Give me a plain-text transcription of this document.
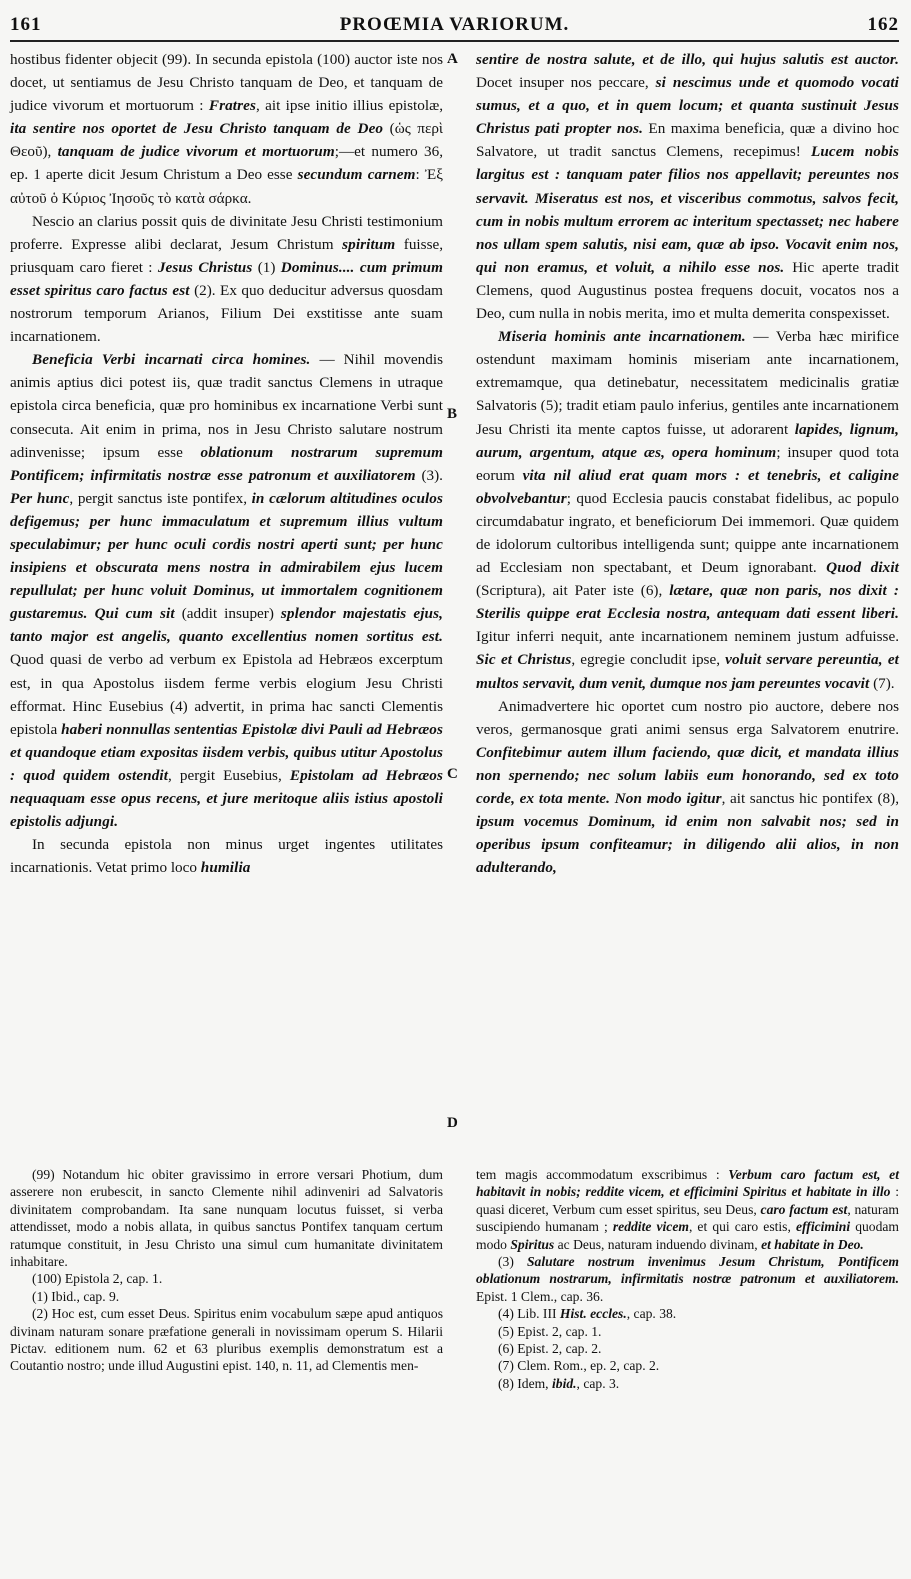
161	PROŒMIA VARIORUM.	162
A
B
C
D

hostibus fidenter objecit (99). In secunda epistola (100) auctor iste nos docet, ut sentiamus de Jesu Christo tanquam de Deo, et tanquam de judice vivorum et mortuorum : Fratres, ait ipse initio illius epistolæ, ita sentire nos oportet de Jesu Christo tanquam de Deo (ὡς περὶ Θεοῦ), tanquam de judice vivorum et mortuorum;—et numero 36, ep. 1 aperte dicit Jesum Christum a Deo esse secundum carnem: Ἐξ αὐτοῦ ὁ Κύριος Ἰησοῦς τὸ κατὰ σάρκα.

Nescio an clarius possit quis de divinitate Jesu Christi testimonium proferre. Expresse alibi declarat, Jesum Christum spiritum fuisse, priusquam caro fieret : Jesus Christus (1) Dominus.... cum primum esset spiritus caro factus est (2). Ex quo deducitur adversus quosdam nostrorum temporum Arianos, Filium Dei exstitisse ante suam incarnationem.

Beneficia Verbi incarnati circa homines. — Nihil movendis animis aptius dici potest iis, quæ tradit sanctus Clemens in utraque epistola circa beneficia, quæ pro hominibus ex incarnatione Verbi sunt consecuta. Ait enim in prima, nos in Jesu Christo salutare nostrum adinvenisse; ipsum esse oblationum nostrarum supremum Pontificem; infirmitatis nostræ esse patronum et auxiliatorem (3). Per hunc, pergit sanctus iste pontifex, in cælorum altitudines oculos defigemus; per hunc immaculatum et supremum illius vultum speculabimur; per hunc oculi cordis nostri aperti sunt; per hunc insipiens et obscurata mens nostra in admirabilem ejus lucem repullulat; per hunc voluit Dominus, ut immortalem cognitionem gustaremus. Qui cum sit (addit insuper) splendor majestatis ejus, tanto major est angelis, quanto excellentius nomen sortitus est. Quod quasi de verbo ad verbum ex Epistola ad Hebræos excerptum est, in qua Apostolus iisdem ferme verbis elogium Jesu Christi efformat. Hinc Eusebius (4) advertit, in prima hac sancti Clementis epistola haberi nonnullas sententias Epistolæ divi Pauli ad Hebræos et quandoque etiam expositas iisdem verbis, quibus utitur Apostolus : quod quidem ostendit, pergit Eusebius, Epistolam ad Hebræos nequaquam esse opus recens, et jure meritoque aliis istius apostoli epistolis adjungi.

In secunda epistola non minus urget ingentes utilitates incarnationis. Vetat primo loco humilia

sentire de nostra salute, et de illo, qui hujus salutis est auctor. Docet insuper nos peccare, si nescimus unde et quomodo vocati sumus, et a quo, et in quem locum; et quanta sustinuit Jesus Christus pati propter nos. En maxima beneficia, quæ a divino hoc Salvatore, ut tradit sanctus Clemens, recepimus! Lucem nobis largitus est : tanquam pater filios nos appellavit; pereuntes nos servavit. Miseratus est nos, et visceribus commotus, salvos fecit, cum in nobis multum errorem ac interitum spectasset; nec habere nos ullam spem salutis, nisi eam, quæ ab ipso. Vocavit enim nos, qui non eramus, et voluit, a nihilo esse nos. Hic aperte tradit Clemens, quod Augustinus postea frequens docuit, vocatos nos a Deo, cum nulla in nobis merita, imo et multa demerita conspexisset.

Miseria hominis ante incarnationem. — Verba hæc mirifice ostendunt maximam hominis miseriam ante incarnationem, extremamque, qua detinebatur, necessitatem medicinalis gratiæ Salvatoris (5); tradit etiam paulo inferius, gentiles ante incarnationem Jesu Christi ita mente captos fuisse, ut adorarent lapides, lignum, aurum, argentum, atque æs, opera hominum; insuper quod tota eorum vita nil aliud erat quam mors : et tenebris, et caligine obvolvebantur; quod Ecclesia paucis constabat fidelibus, ac populo circumdabatur ingrato, et beneficiorum Dei immemori. Quæ quidem de idolorum cultoribus intelligenda sunt; quippe ante incarnationem ad Ecclesiam non spectabant, et Deum ignorabant. Quod dixit (Scriptura), ait Pater iste (6), lætare, quæ non paris, nos dixit : Sterilis quippe erat Ecclesia nostra, antequam dati essent liberi. Igitur inferri nequit, ante incarnationem neminem justum adfuisse. Sic et Christus, egregie concludit ipse, voluit servare pereuntia, et multos servavit, dum venit, dumque nos jam pereuntes vocavit (7).

Animadvertere hic oportet cum nostro pio auctore, debere nos veros, germanosque grati animi sensus erga Salvatorem enutrire. Confitebimur autem illum faciendo, quæ dicit, et mandata illius non spernendo; nec solum labiis eum honorando, sed ex toto corde, ex tota mente. Non modo igitur, ait sanctus hic pontifex (8), ipsum vocemus Dominum, id enim non salvabit nos; sed in operibus ipsum confiteamur; in diligendo alii alios, in non adulterando,

(99) Notandum hic obiter gravissimo in errore versari Photium, dum asserere non erubescit, in sancto Clemente nihil adinveniri ad Salvatoris divinitatem comprobandam. Ita sane nunquam locutus fuisset, si verba attendisset, modo a nobis allata, in quibus sanctus Pontifex tanquam certum ratumque constituit, in Jesu Christo una simul cum humanitate divinitatem inhabitare.

(100) Epistola 2, cap. 1.

(1) Ibid., cap. 9.

(2) Hoc est, cum esset Deus. Spiritus enim vocabulum sæpe apud antiquos divinam naturam sonare præfatione generali in novissimam operum S. Hilarii Pictav. editionem num. 62 et 63 pluribus exemplis demonstratum est a Coutantio nostro; unde illud Augustini epist. 140, n. 11, ad Clementis men-

tem magis accommodatum exscribimus : Verbum caro factum est, et habitavit in nobis; reddite vicem, et efficimini Spiritus et habitate in illo : quasi diceret, Verbum cum esset spiritus, seu Deus, caro factum est, naturam suscipiendo humanam ; reddite vicem, et qui caro estis, efficimini quodam modo Spiritus ac Deus, naturam induendo divinam, et habitate in Deo.

(3) Salutare nostrum invenimus Jesum Christum, Pontificem oblationum nostrarum, infirmitatis nostræ patronum et auxiliatorem. Epist. 1 Clem., cap. 36.

(4) Lib. III Hist. eccles., cap. 38.

(5) Epist. 2, cap. 1.

(6) Epist. 2, cap. 2.

(7) Clem. Rom., ep. 2, cap. 2.

(8) Idem, ibid., cap. 3.
